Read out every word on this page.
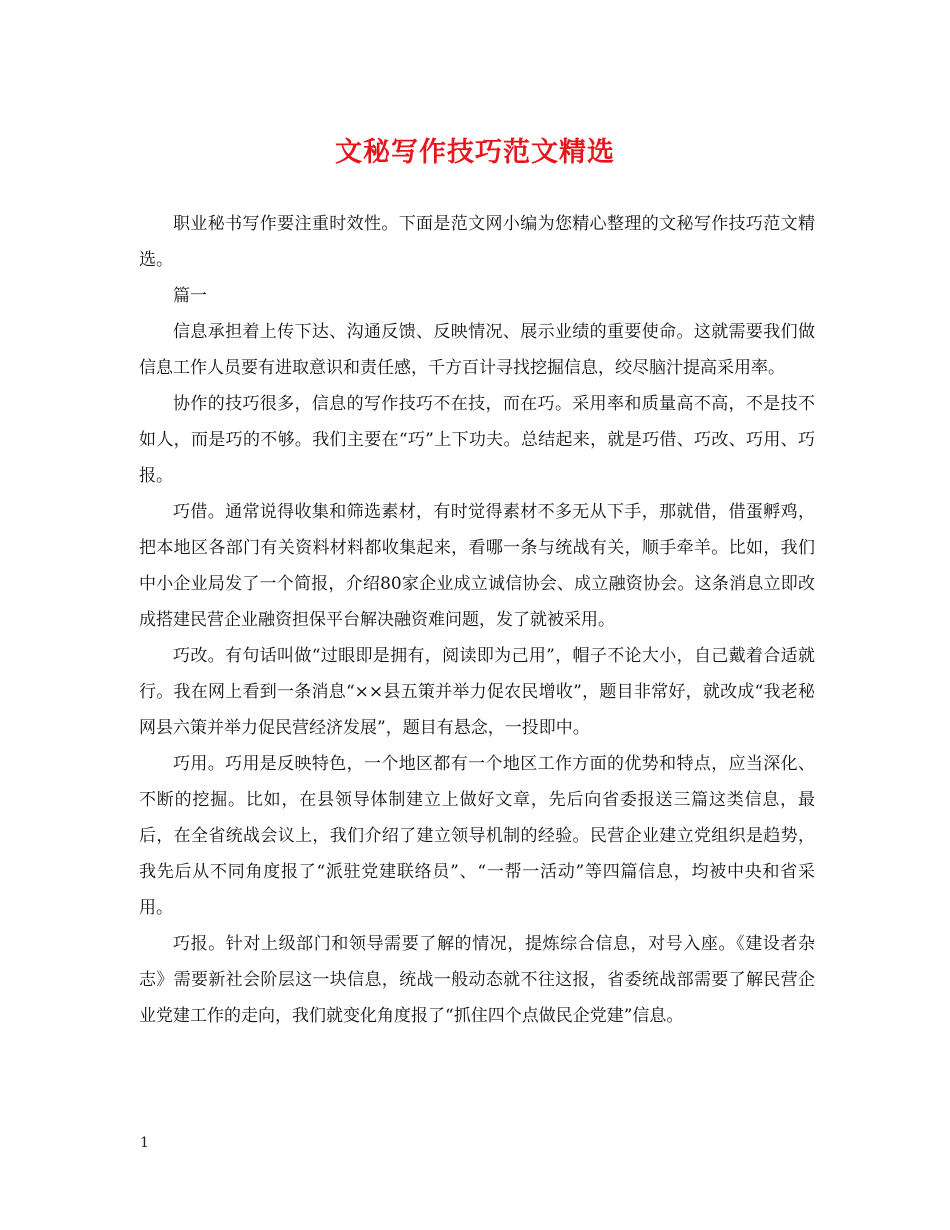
文秘写作技巧范文精选

职业秘书写作要注重时效性。下面是范文网小编为您精心整理的文秘写作技巧范文精选。

篇一

信息承担着上传下达、沟通反馈、反映情况、展示业绩的重要使命。这就需要我们做信息工作人员要有进取意识和责任感，千方百计寻找挖掘信息，绞尽脑汁提高采用率。

协作的技巧很多，信息的写作技巧不在技，而在巧。采用率和质量高不高，不是技不如人，而是巧的不够。我们主要在“巧”上下功夫。总结起来，就是巧借、巧改、巧用、巧报。

巧借。通常说得收集和筛选素材，有时觉得素材不多无从下手，那就借，借蛋孵鸡，把本地区各部门有关资料材料都收集起来，看哪一条与统战有关，顺手牵羊。比如，我们中小企业局发了一个简报，介绍80家企业成立诚信协会、成立融资协会。这条消息立即改成搭建民营企业融资担保平台解决融资难问题，发了就被采用。

巧改。有句话叫做“过眼即是拥有，阅读即为己用”，帽子不论大小，自己戴着合适就行。我在网上看到一条消息“××县五策并举力促农民增收”，题目非常好，就改成“我老秘网县六策并举力促民营经济发展”，题目有悬念，一投即中。

巧用。巧用是反映特色，一个地区都有一个地区工作方面的优势和特点，应当深化、不断的挖掘。比如，在县领导体制建立上做好文章，先后向省委报送三篇这类信息，最后，在全省统战会议上，我们介绍了建立领导机制的经验。民营企业建立党组织是趋势，我先后从不同角度报了“派驻党建联络员”、“一帮一活动”等四篇信息，均被中央和省采用。

巧报。针对上级部门和领导需要了解的情况，提炼综合信息，对号入座。《建设者杂志》需要新社会阶层这一块信息，统战一般动态就不往这报，省委统战部需要了解民营企业党建工作的走向，我们就变化角度报了“抓住四个点做民企党建”信息。

1
